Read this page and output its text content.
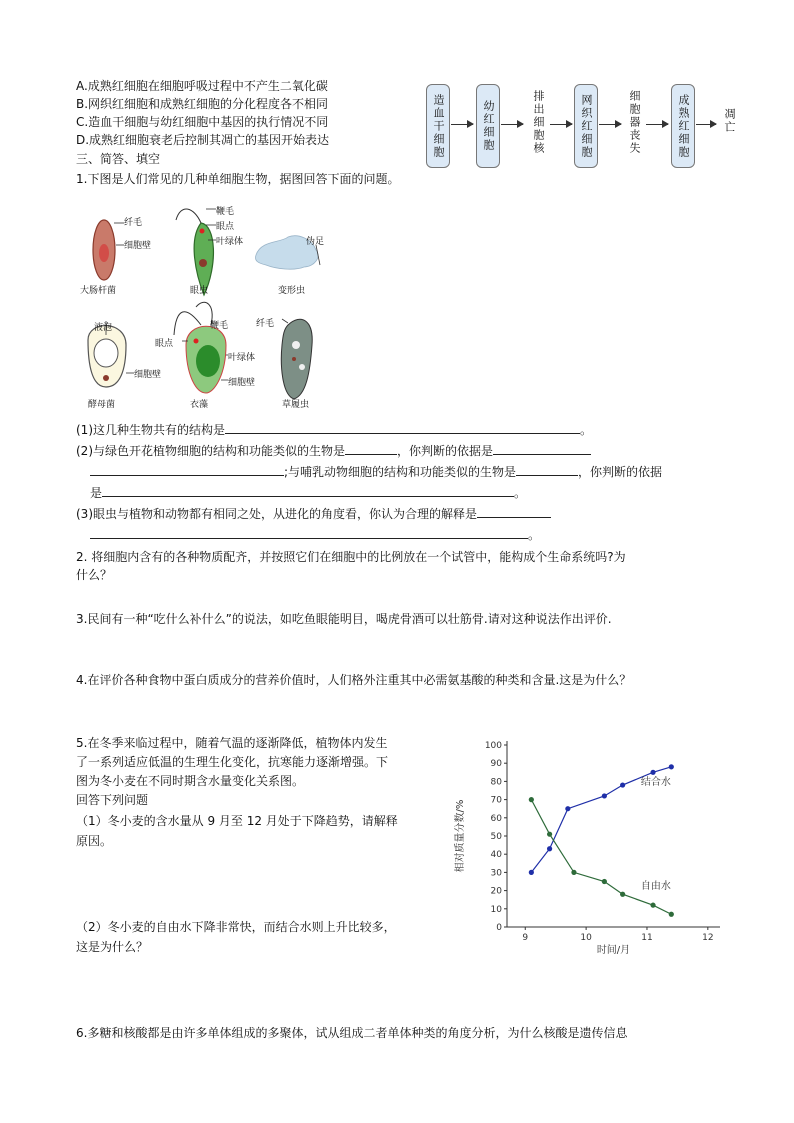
A.成熟红细胞在细胞呼吸过程中不产生二氧化碳
B.网织红细胞和成熟红细胞的分化程度各不相同
C.造血干细胞与幼红细胞中基因的执行情况不同
D.成熟红细胞衰老后控制其凋亡的基因开始表达	造血干细胞	幼红细胞	排出细胞核	网织红细胞	细胞器丧失	成熟红细胞	凋亡
三、简答、填空
1.下图是人们常见的几种单细胞生物，据图回答下面的问题。
纤毛
细胞壁
大肠杆菌
鞭毛
眼点
叶绿体
眼虫
伪足
变形虫
液泡
细胞壁
酵母菌
鞭毛
眼点
叶绿体
细胞壁
衣藻
纤毛
草履虫
(1)这几种生物共有的结构是	。
(2)与绿色开花植物细胞的结构和功能类似的生物是	，你判断的依据是
;与哺乳动物细胞的结构和功能类似的生物是	，你判断的依据
是	。
(3)眼虫与植物和动物都有相同之处，从进化的角度看，你认为合理的解释是
。
2. 将细胞内含有的各种物质配齐，并按照它们在细胞中的比例放在一个试管中，能构成个生命系统吗?为
什么？
3.民间有一种“吃什么补什么”的说法，如吃鱼眼能明目，喝虎骨酒可以壮筋骨.请对这种说法作出评价.
4.在评价各种食物中蛋白质成分的营养价值时，人们格外注重其中必需氨基酸的种类和含量.这是为什么？
5.在冬季来临过程中，随着气温的逐渐降低，植物体内发生
了一系列适应低温的生理生化变化，抗寒能力逐渐增强。下
图为冬小麦在不同时期含水量变化关系图。
回答下列问题
（1）冬小麦的含水量从 9 月至 12 月处于下降趋势，请解释
原因。
（2）冬小麦的自由水下降非常快，而结合水则上升比较多，
这是为什么？
0
10
20
30
40
50
60
70
80
90
100
9	10	11	12
相对质量分数/%
时间/月
结合水
自由水
6.多糖和核酸都是由许多单体组成的多聚体，试从组成二者单体种类的角度分析，为什么核酸是遗传信息
